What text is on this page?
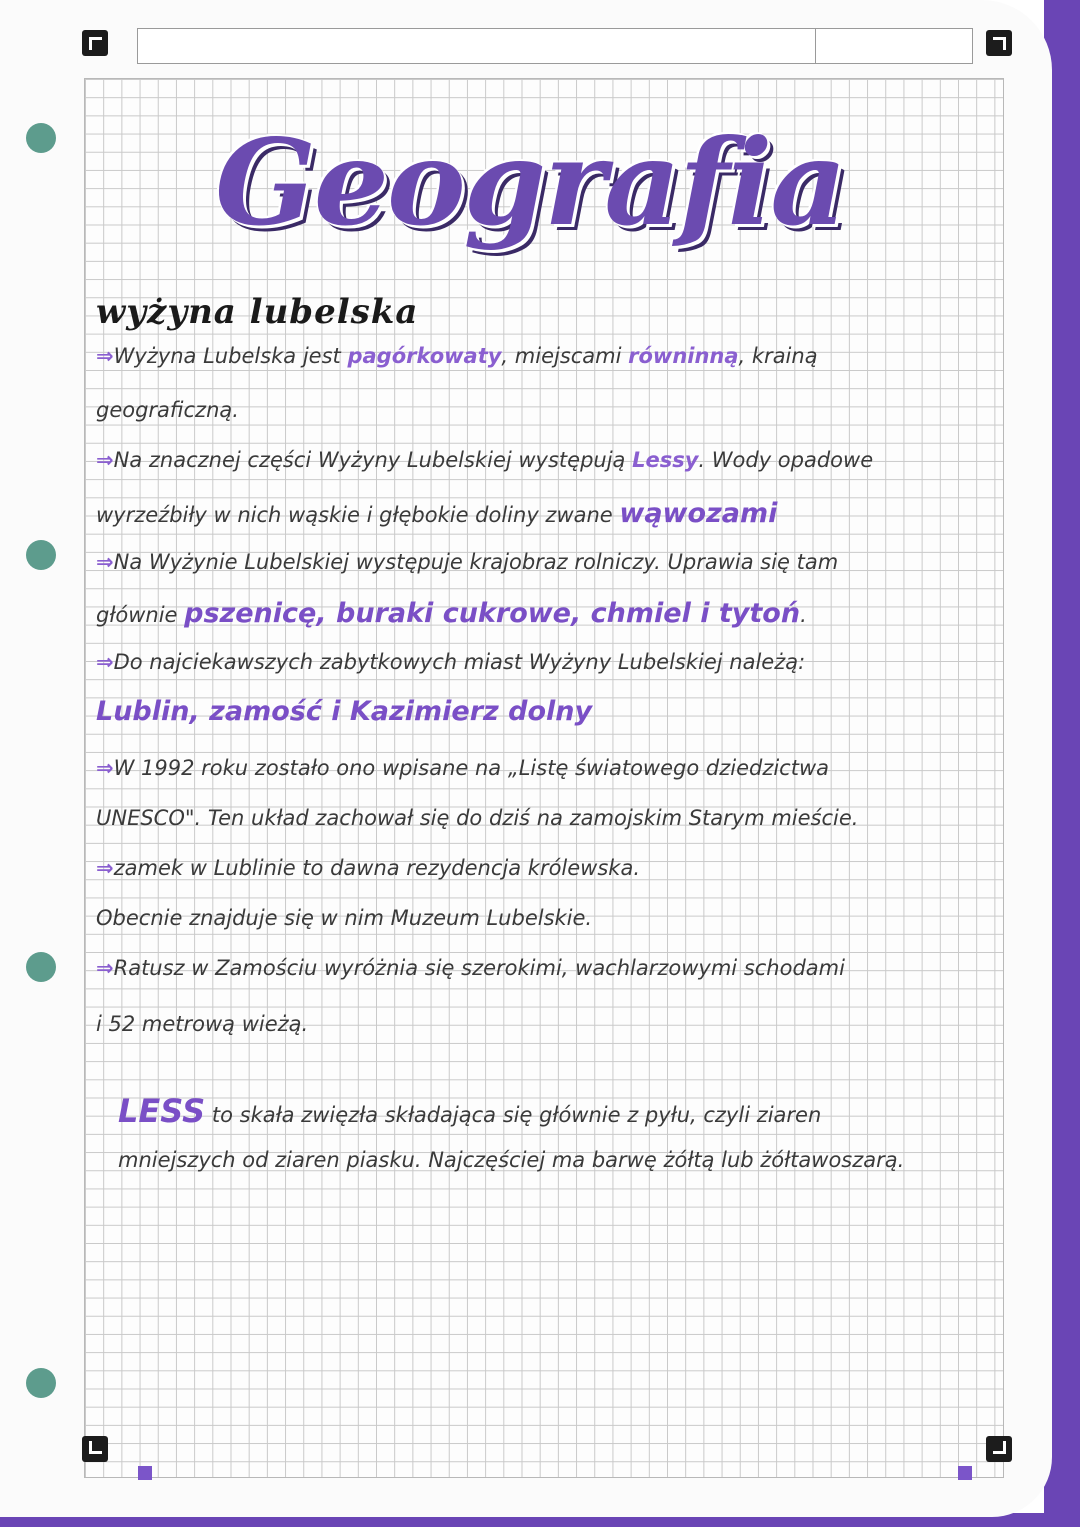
Geografia
wyżyna lubelska
⇒Wyżyna Lubelska jest pagórkowaty, miejscami równinną, krainą
geograficzną.
⇒Na znacznej części Wyżyny Lubelskiej występują Lessy. Wody opadowe
wyrzeźbiły w nich wąskie i głębokie doliny zwane wąwozami
⇒Na Wyżynie Lubelskiej występuje krajobraz rolniczy. Uprawia się tam
głównie pszenicę, buraki cukrowe, chmiel i tytoń.
⇒Do najciekawszych zabytkowych miast Wyżyny Lubelskiej należą:
Lublin, zamość i Kazimierz dolny
⇒W 1992 roku zostało ono wpisane na „Listę światowego dziedzictwa
UNESCO". Ten układ zachował się do dziś na zamojskim Starym mieście.
⇒zamek w Lublinie to dawna rezydencja królewska.
Obecnie znajduje się w nim Muzeum Lubelskie.
⇒Ratusz w Zamościu wyróżnia się szerokimi, wachlarzowymi schodami
i 52 metrową wieżą.
LESS to skała zwięzła składająca się głównie z pyłu, czyli ziaren
mniejszych od ziaren piasku. Najczęściej ma barwę żółtą lub żółtawoszarą.
